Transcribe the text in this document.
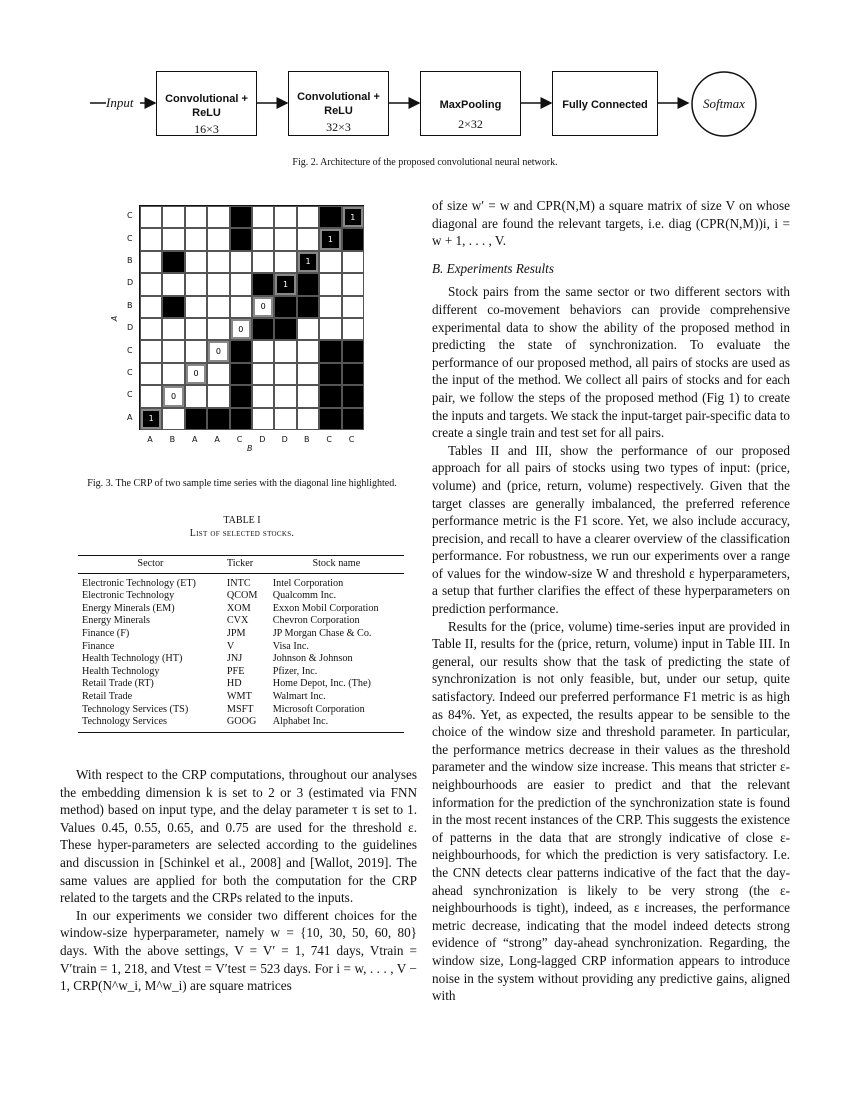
Input	Convolutional +
ReLU
16×3
Convolutional +
ReLU
32×3
MaxPooling
2×32
Fully Connected	Softmax
Fig. 2. Architecture of the proposed convolutional neural network.
1
0
0
0
0
0
1
1
1
1
A B A A C D D B C C
C
C
B
D
B
D
C
C
C
A
B
A
Fig. 3. The CRP of two sample time series with the diagonal line highlighted.
TABLE I
List of selected stocks.
Sector	Ticker	Stock name
Electronic Technology (ET)	INTC	Intel Corporation
Electronic Technology	QCOM	Qualcomm Inc.
Energy Minerals (EM)	XOM	Exxon Mobil Corporation
Energy Minerals	CVX	Chevron Corporation
Finance (F)	JPM	JP Morgan Chase & Co.
Finance	V	Visa Inc.
Health Technology (HT)	JNJ	Johnson & Johnson
Health Technology	PFE	Pfizer, Inc.
Retail Trade (RT)	HD	Home Depot, Inc. (The)
Retail Trade	WMT	Walmart Inc.
Technology Services (TS)	MSFT	Microsoft Corporation
Technology Services	GOOG	Alphabet Inc.

With respect to the CRP computations, throughout our analyses the embedding dimension k is set to 2 or 3 (estimated via FNN method) based on input type, and the delay parameter τ is set to 1. Values 0.45, 0.55, 0.65, and 0.75 are used for the threshold ε. These hyper-parameters are selected according to the guidelines and discussion in [Schinkel et al., 2008] and [Wallot, 2019]. The same values are applied for both the computation for the CRP related to the targets and the CRPs related to the inputs.

In our experiments we consider two different choices for the window-size hyperparameter, namely w = {10, 30, 50, 60, 80} days. With the above settings, V = V′ = 1, 741 days, Vtrain = V′train = 1, 218, and Vtest = V′test = 523 days. For i = w, . . . , V − 1, CRP(N^w_i, M^w_i) are square matrices

of size w′ = w and CPR(N,M) a square matrix of size V on whose diagonal are found the relevant targets, i.e. diag (CPR(N,M))i, i = w + 1, . . . , V.

B. Experiments Results

Stock pairs from the same sector or two different sectors with different co-movement behaviors can provide comprehensive experimental data to show the ability of the proposed method in predicting the state of synchronization. To evaluate the performance of our proposed method, all pairs of stocks are used as the input of the method. We collect all pairs of stocks and for each pair, we follow the steps of the proposed method (Fig 1) to create the inputs and targets. We stack the input-target pair-specific data to create a single train and test set for all pairs.

Tables II and III, show the performance of our proposed approach for all pairs of stocks using two types of input: (price, volume) and (price, return, volume) respectively. Given that the target classes are generally imbalanced, the preferred reference performance metric is the F1 score. Yet, we also include accuracy, precision, and recall to have a clearer overview of the classification performance. For robustness, we run our experiments over a range of values for the window-size W and threshold ε hyperparameters, a setup that further clarifies the effect of these hyperparameters on prediction performance.

Results for the (price, volume) time-series input are provided in Table II, results for the (price, return, volume) input in Table III. In general, our results show that the task of predicting the state of synchronization is not only feasible, but, under our setup, quite satisfactory. Indeed our preferred performance F1 metric is as high as 84%. Yet, as expected, the results appear to be sensible to the choice of the window size and threshold parameter. In particular, the performance metrics decrease in their values as the threshold parameter and the window size increase. This means that stricter ε-neighbourhoods are easier to predict and that the relevant information for the prediction of the synchronization state is found in the most recent instances of the CRP. This suggests the existence of patterns in the data that are strongly indicative of close ε-neighbourhoods, for which the prediction is very satisfactory. I.e. the CNN detects clear patterns indicative of the fact that the day-ahead synchronization is likely to be very strong (the ε-neighbourhoods is tight), indeed, as ε increases, the performance metric decrease, indicating that the model indeed detects strong evidence of “strong” day-ahead synchronization. Regarding, the window size, Long-lagged CRP information appears to introduce noise in the system without providing any predictive gains, aligned with
